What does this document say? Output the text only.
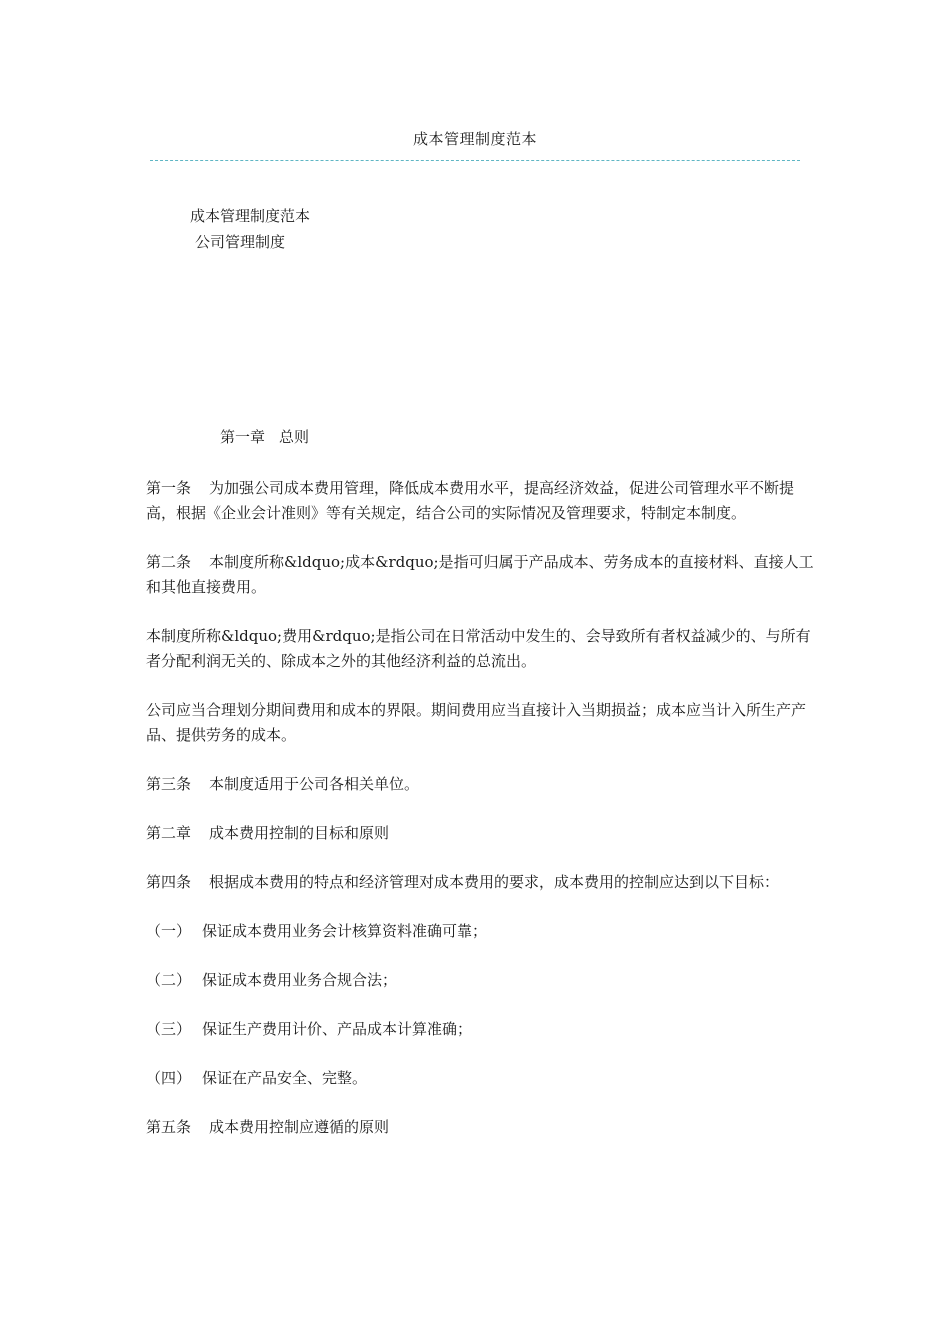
成本管理制度范本
成本管理制度范本
公司管理制度
第一章 总则

第一条 为加强公司成本费用管理，降低成本费用水平，提高经济效益，促进公司管理水平不断提高，根据《企业会计准则》等有关规定，结合公司的实际情况及管理要求，特制定本制度。

第二条 本制度所称&ldquo;成本&rdquo;是指可归属于产品成本、劳务成本的直接材料、直接人工和其他直接费用。

本制度所称&ldquo;费用&rdquo;是指公司在日常活动中发生的、会导致所有者权益减少的、与所有者分配利润无关的、除成本之外的其他经济利益的总流出。

公司应当合理划分期间费用和成本的界限。期间费用应当直接计入当期损益；成本应当计入所生产产品、提供劳务的成本。

第三条 本制度适用于公司各相关单位。

第二章 成本费用控制的目标和原则

第四条 根据成本费用的特点和经济管理对成本费用的要求，成本费用的控制应达到以下目标：

（一） 保证成本费用业务会计核算资料准确可靠；

（二） 保证成本费用业务合规合法；

（三） 保证生产费用计价、产品成本计算准确；

（四） 保证在产品安全、完整。

第五条 成本费用控制应遵循的原则
